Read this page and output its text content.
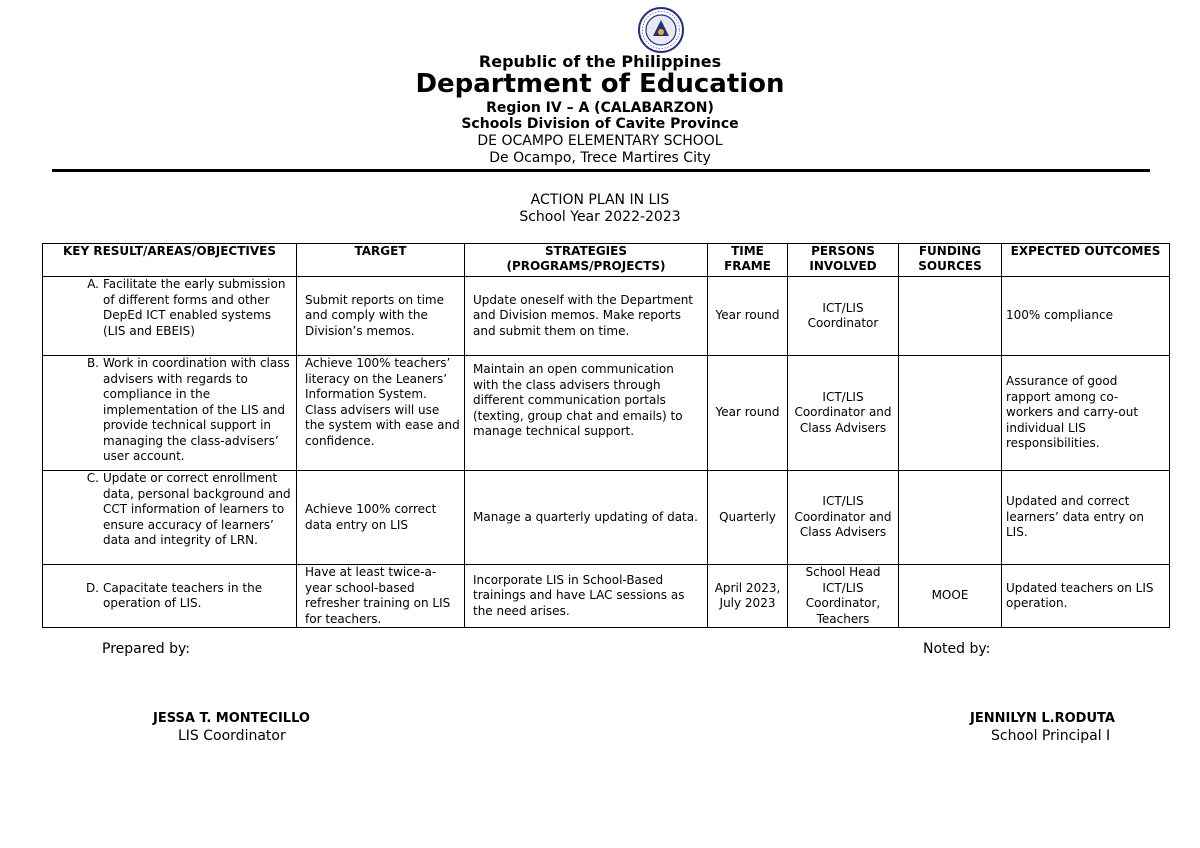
Republic of the Philippines
Department of Education
Region IV – A (CALABARZON)
Schools Division of Cavite Province
DE OCAMPO ELEMENTARY SCHOOL
De Ocampo, Trece Martires City
ACTION PLAN IN LIS
School Year 2022-2023
KEY RESULT/AREAS/OBJECTIVES	TARGET	STRATEGIES (PROGRAMS/PROJECTS)	TIME FRAME	PERSONS INVOLVED	FUNDING SOURCES	EXPECTED OUTCOMES

A. Facilitate the early submission of different forms and other DepEd ICT enabled systems (LIS and EBEIS)	Submit reports on time and comply with the Division’s memos.	Update oneself with the Department and Division memos. Make reports and submit them on time.	Year round	ICT/LIS Coordinator		100% compliance

B. Work in coordination with class advisers with regards to compliance in the implementation of the LIS and provide technical support in managing the class-advisers’ user account.	Achieve 100% teachers’ literacy on the Leaners’ Information System. Class advisers will use the system with ease and confidence.	Maintain an open communication with the class advisers through different communication portals (texting, group chat and emails) to manage technical support.	Year round	ICT/LIS Coordinator and Class Advisers		Assurance of good rapport among co-workers and carry-out individual LIS responsibilities.

C. Update or correct enrollment data, personal background and CCT information of learners to ensure accuracy of learners’ data and integrity of LRN.	Achieve 100% correct data entry on LIS	Manage a quarterly updating of data.	Quarterly	ICT/LIS Coordinator and Class Advisers		Updated and correct learners’ data entry on LIS.

D. Capacitate teachers in the operation of LIS.	Have at least twice-a-year school-based refresher training on LIS for teachers.	Incorporate LIS in School-Based trainings and have LAC sessions as the need arises.	April 2023, July 2023	School Head ICT/LIS Coordinator, Teachers	MOOE	Updated teachers on LIS operation.
Prepared by:	Noted by:
JESSA T. MONTECILLO
LIS Coordinator
JENNILYN L.RODUTA
School Principal I
